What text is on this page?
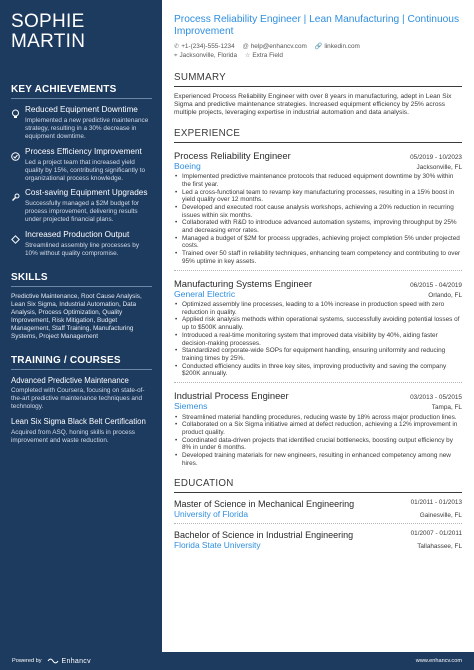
SOPHIE
MARTIN
KEY ACHIEVEMENTS
Reduced Equipment Downtime
Implemented a new predictive maintenance strategy, resulting in a 30% decrease in equipment downtime.
Process Efficiency Improvement
Led a project team that increased yield quality by 15%, contributing significantly to organizational process knowledge.
Cost-saving Equipment Upgrades
Successfully managed a $2M budget for process improvement, delivering results under projected financial plans.
Increased Production Output
Streamlined assembly line processes by 10% without quality compromise.
SKILLS
Predictive Maintenance, Root Cause Analysis, Lean Six Sigma, Industrial Automation, Data Analysis, Process Optimization, Quality Improvement, Risk Mitigation, Budget Management, Staff Training, Manufacturing Systems, Project Management
TRAINING / COURSES
Advanced Predictive Maintenance
Completed with Coursera, focusing on state-of-the-art predictive maintenance techniques and technology.
Lean Six Sigma Black Belt Certification
Acquired from ASQ, honing skills in process improvement and waste reduction.
Process Reliability Engineer | Lean Manufacturing | Continuous Improvement
✆ +1-(234)-555-1234 @ help@enhancv.com 🔗 linkedin.com
⌖ Jacksonville, Florida ☆ Extra Field
SUMMARY
Experienced Process Reliability Engineer with over 8 years in manufacturing, adept in Lean Six Sigma and predictive maintenance strategies. Increased equipment efficiency by 25% across multiple projects, leveraging expertise in industrial automation and data analysis.
EXPERIENCE
Process Reliability Engineer	05/2019 - 10/2023
Boeing	Jacksonville, FL
• Implemented predictive maintenance protocols that reduced equipment downtime by 30% within the first year.
• Led a cross-functional team to revamp key manufacturing processes, resulting in a 15% boost in yield quality over 12 months.
• Developed and executed root cause analysis workshops, achieving a 20% reduction in recurring issues within six months.
• Collaborated with R&D to introduce advanced automation systems, improving throughput by 25% and decreasing error rates.
• Managed a budget of $2M for process upgrades, achieving project completion 5% under projected costs.
• Trained over 50 staff in reliability techniques, enhancing team competency and contributing to over 95% uptime in key assets.
Manufacturing Systems Engineer	06/2015 - 04/2019
General Electric	Orlando, FL
• Optimized assembly line processes, leading to a 10% increase in production speed with zero reduction in quality.
• Applied risk analysis methods within operational systems, successfully avoiding potential losses of up to $500K annually.
• Introduced a real-time monitoring system that improved data visibility by 40%, aiding faster decision-making processes.
• Standardized corporate-wide SOPs for equipment handling, ensuring uniformity and reducing training times by 25%.
• Conducted efficiency audits in three key sites, improving productivity and saving the company $200K annually.
Industrial Process Engineer	03/2013 - 05/2015
Siemens	Tampa, FL
• Streamlined material handling procedures, reducing waste by 18% across major production lines.
• Collaborated on a Six Sigma initiative aimed at defect reduction, achieving a 12% improvement in product quality.
• Coordinated data-driven projects that identified crucial bottlenecks, boosting output efficiency by 8% in under 6 months.
• Developed training materials for new engineers, resulting in enhanced competency among new hires.
EDUCATION
Master of Science in Mechanical Engineering	01/2011 - 01/2013
University of Florida	Gainesville, FL
Bachelor of Science in Industrial Engineering	01/2007 - 01/2011
Florida State University	Tallahassee, FL
Powered by	Enhancv	www.enhancv.com
